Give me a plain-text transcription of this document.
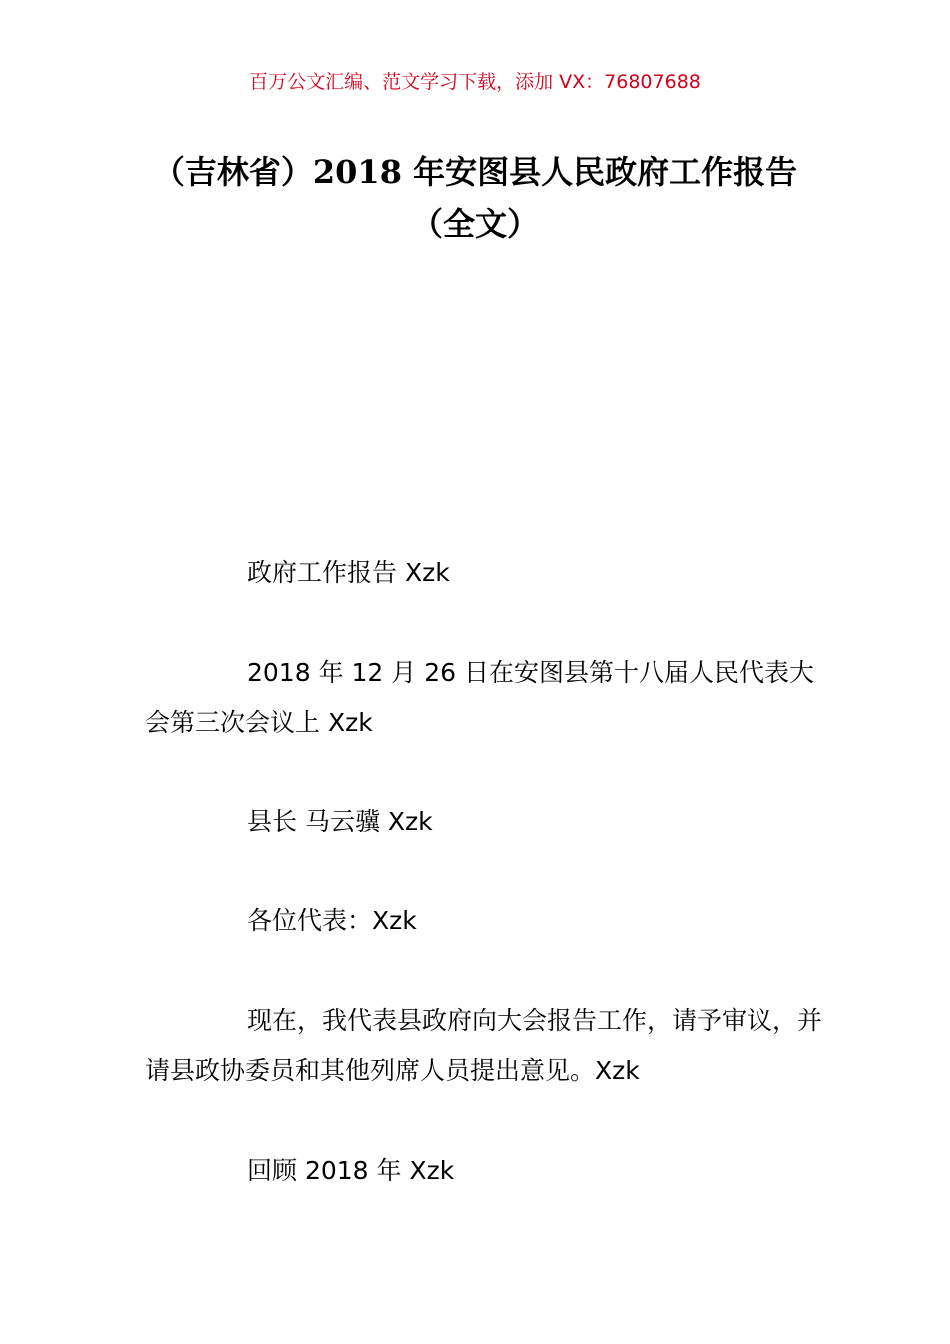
百万公文汇编、范文学习下载，添加 VX：76807688
（吉林省）2018 年安图县人民政府工作报告（全文）

政府工作报告 Xzk

2018 年 12 月 26 日在安图县第十八届人民代表大会第三次会议上 Xzk

县长 马云骥 Xzk

各位代表：Xzk

现在，我代表县政府向大会报告工作，请予审议，并请县政协委员和其他列席人员提出意见。Xzk

回顾 2018 年 Xzk
